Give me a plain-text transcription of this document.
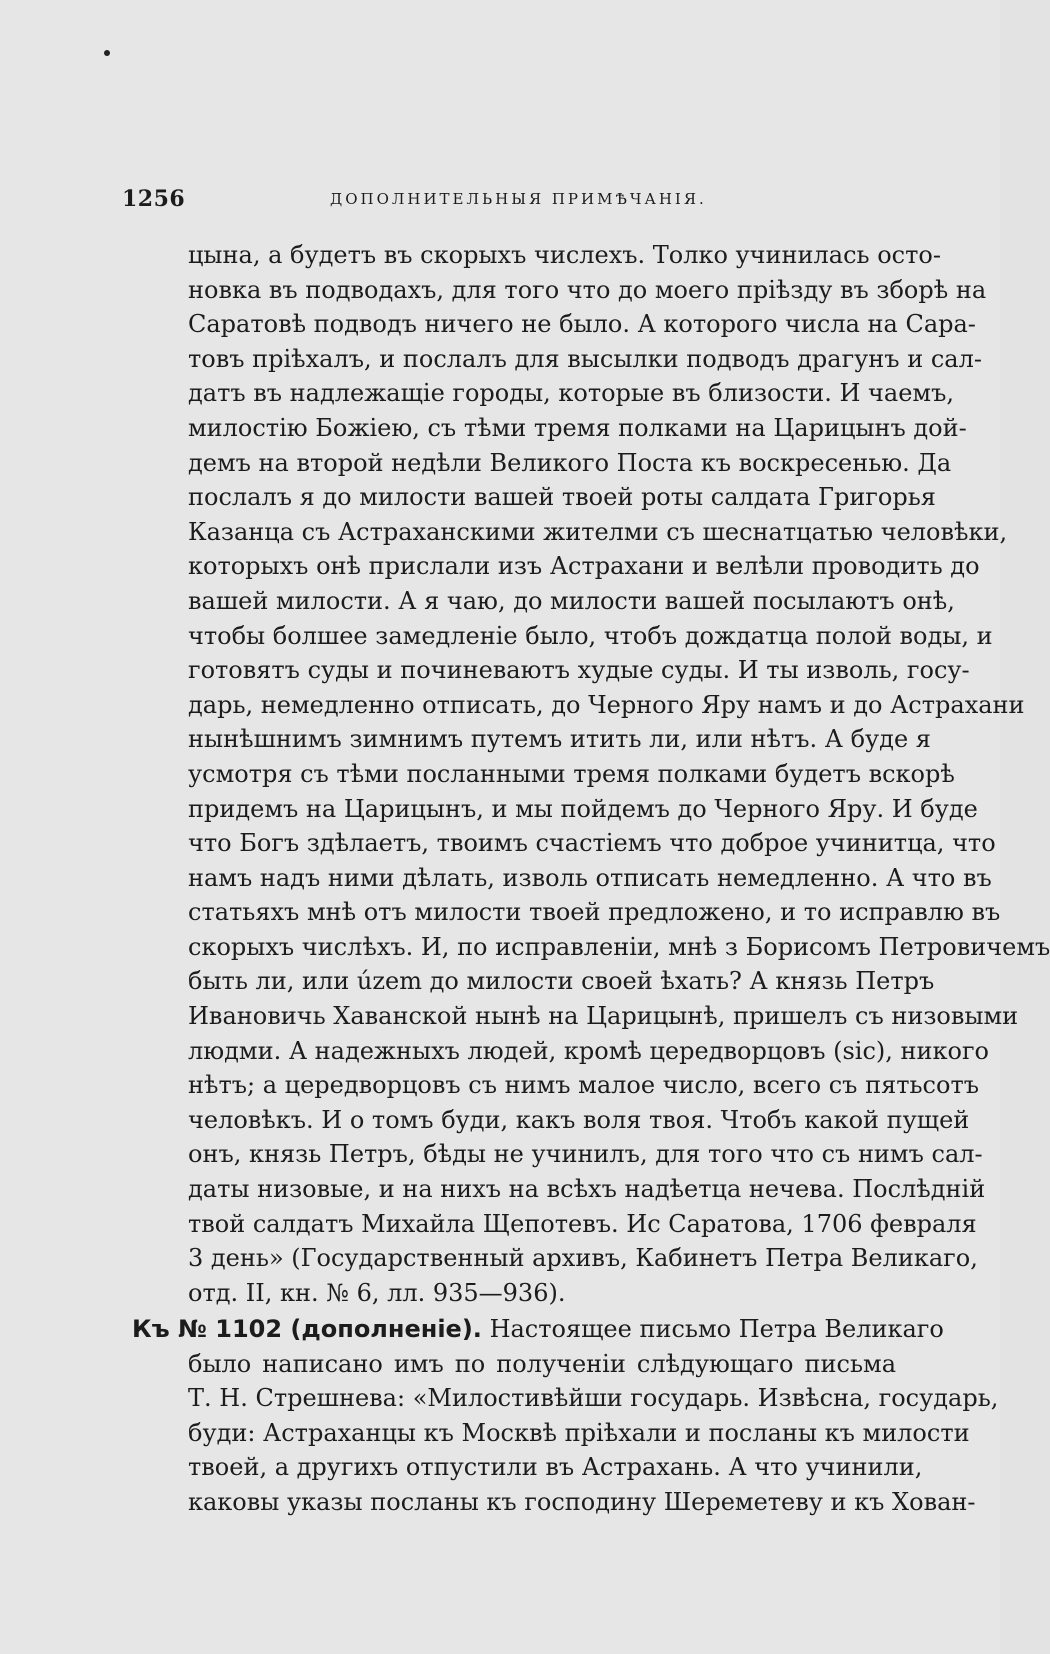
1256	ДОПОЛНИТЕЛЬНЫЯ ПРИМѢЧАНІЯ.
цына, а будетъ въ скорыхъ числехъ. Толко учинилась осто-
новка въ подводахъ, для того что до моего пріѣзду въ зборѣ на
Саратовѣ подводъ ничего не было. А которого числа на Сара-
товъ пріѣхалъ, и послалъ для высылки подводъ драгунъ и сал-
датъ въ надлежащіе городы, которые въ близости. И чаемъ,
милостію Божіею, съ тѣми тремя полками на Царицынъ дой-
демъ на второй недѣли Великого Поста къ воскресенью. Да
послалъ я до милости вашей твоей роты салдата Григорья
Казанца съ Астраханскими жителми съ шеснатцатью человѣки,
которыхъ онѣ прислали изъ Астрахани и велѣли проводить до
вашей милости. А я чаю, до милости вашей посылаютъ онѣ,
чтобы болшее замедленіе было, чтобъ дождатца полой воды, и
готовятъ суды и починеваютъ худые суды. И ты изволь, госу-
дарь, немедленно отписать, до Черного Яру намъ и до Астрахани
нынѣшнимъ зимнимъ путемъ итить ли, или нѣтъ. А буде я
усмотря съ тѣми посланными тремя полками будетъ вскорѣ
придемъ на Царицынъ, и мы пойдемъ до Черного Яру. И буде
что Богъ здѣлаетъ, твоимъ счастіемъ что доброе учинитца, что
намъ надъ ними дѣлать, изволь отписать немедленно. А что въ
статьяхъ мнѣ отъ милости твоей предложено, и то исправлю въ
скорыхъ числѣхъ. И, по исправленіи, мнѣ з Борисомъ Петровичемъ
быть ли, или územ до милости своей ѣхать? А князь Петръ
Ивановичь Хаванской нынѣ на Царицынѣ, пришелъ съ низовыми
людми. А надежныхъ людей, кромѣ цередворцовъ (sic), никого
нѣтъ; а цередворцовъ съ нимъ малое число, всего съ пятьсотъ
человѣкъ. И о томъ буди, какъ воля твоя. Чтобъ какой пущей
онъ, князь Петръ, бѣды не учинилъ, для того что съ нимъ сал-
даты низовые, и на нихъ на всѣхъ надѣетца нечева. Послѣдній
твой салдатъ Михайла Щепотевъ. Ис Саратова, 1706 февраля
3 день» (Государственный архивъ, Кабинетъ Петра Великаго,
отд. II, кн. № 6, лл. 935—936).
Къ № 1102 (дополненіе). Настоящее письмо Петра Великаго
было написано имъ по полученіи слѣдующаго письма
Т. Н. Стрешнева: «Милостивѣйши государь. Извѣсна, государь,
буди: Астраханцы къ Москвѣ пріѣхали и посланы къ милости
твоей, а другихъ отпустили въ Астрахань. А что учинили,
каковы указы посланы къ господину Шереметеву и къ Хован-
